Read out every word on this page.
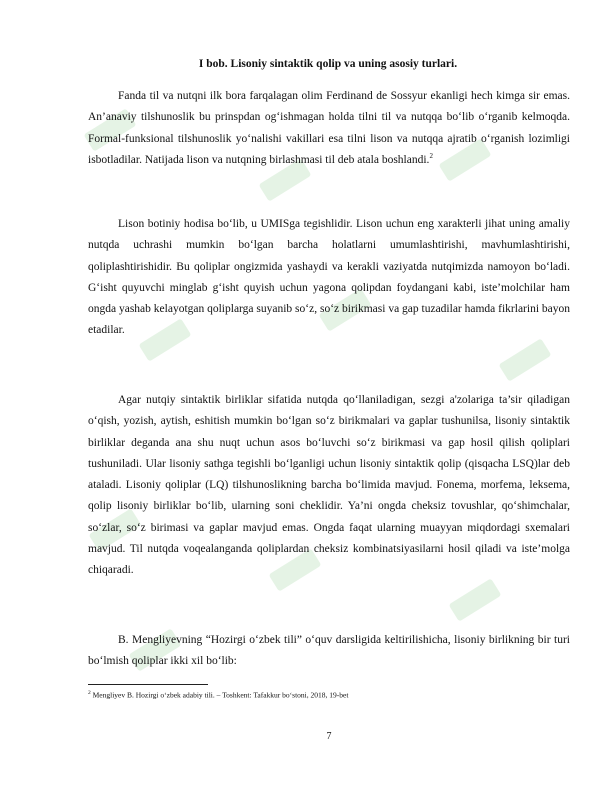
I bob. Lisoniy sintaktik qolip va uning asosiy turlari.

Fanda til va nutqni ilk bora farqalagan olim Ferdinand de Sossyur ekanligi hech kimga sir emas. An’anaviy tilshunoslik bu prinspdan og‘ishmagan holda tilni til va nutqqa bo‘lib o‘rganib kelmoqda. Formal-funksional tilshunoslik yo‘nalishi vakillari esa tilni lison va nutqqa ajratib o‘rganish lozimligi isbotladilar. Natijada lison va nutqning birlashmasi til deb atala boshlandi.$^2$

Lison botiniy hodisa bo‘lib, u UMISga tegishlidir. Lison uchun eng xarakterli jihat uning amaliy nutqda uchrashi mumkin bo‘lgan barcha holatlarni umumlashtirishi, mavhumlashtirishi, qoliplashtirishidir. Bu qoliplar ongizmida yashaydi va kerakli vaziyatda nutqimizda namoyon bo‘ladi. G‘isht quyuvchi minglab g‘isht quyish uchun yagona qolipdan foydangani kabi, iste’molchilar ham ongda yashab kelayotgan qoliplarga suyanib so‘z, so‘z birikmasi va gap tuzadilar hamda fikrlarini bayon etadilar.

Agar nutqiy sintaktik birliklar sifatida nutqda qo‘llaniladigan, sezgi a'zolariga ta’sir qiladigan o‘qish, yozish, aytish, eshitish mumkin bo‘lgan so‘z birikmalari va gaplar tushunilsa, lisoniy sintaktik birliklar deganda ana shu nuqt uchun asos bo‘luvchi so‘z birikmasi va gap hosil qilish qoliplari tushuniladi. Ular lisoniy sathga tegishli bo‘lganligi uchun lisoniy sintaktik qolip (qisqacha LSQ)lar deb ataladi. Lisoniy qoliplar (LQ) tilshunoslikning barcha bo‘limida mavjud. Fonema, morfema, leksema, qolip lisoniy birliklar bo‘lib, ularning soni cheklidir. Ya’ni ongda cheksiz tovushlar, qo‘shimchalar, so‘zlar, so‘z birimasi va gaplar mavjud emas. Ongda faqat ularning muayyan miqdordagi sxemalari mavjud. Til nutqda voqealanganda qoliplardan cheksiz kombinatsiyasilarni hosil qiladi va iste’molga chiqaradi.

B. Mengliyevning “Hozirgi o‘zbek tili” o‘quv darsligida keltirilishicha, lisoniy birlikning bir turi bo‘lmish qoliplar ikki xil bo‘lib:

$^2$ Mengliyev B. Hozirgi o‘zbek adabiy tili. – Toshkent: Tafakkur bo‘stoni, 2018, 19-bet
7
